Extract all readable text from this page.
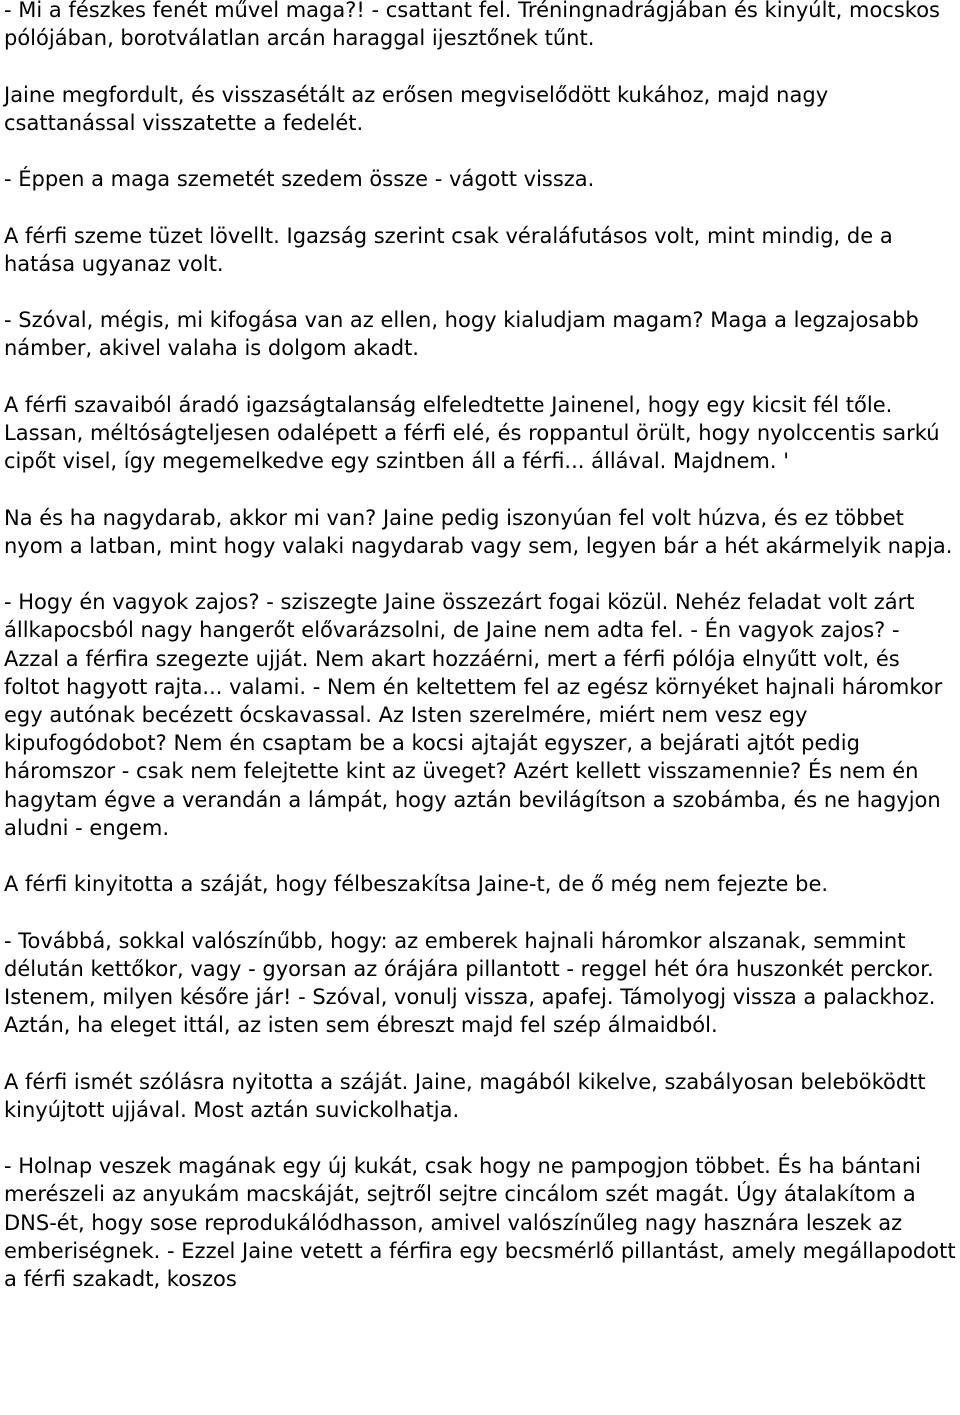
- Mi a fészkes fenét művel maga?! - csattant fel. Tréningnadrágjában és kinyúlt, mocskos pólójában, borotválatlan arcán haraggal ijesztőnek tűnt.

Jaine megfordult, és visszasétált az erősen megviselődött kukához, majd nagy csattanással visszatette a fedelét.

- Éppen a maga szemetét szedem össze - vágott vissza.

A férfi szeme tüzet lövellt. Igazság szerint csak véraláfutásos volt, mint mindig, de a hatása ugyanaz volt.

- Szóval, mégis, mi kifogása van az ellen, hogy kialudjam magam? Maga a legzajosabb námber, akivel valaha is dolgom akadt.

A férfi szavaiból áradó igazságtalanság elfeledtette Jainenel, hogy egy kicsit fél tőle. Lassan, méltóságteljesen odalépett a férfi elé, és roppantul örült, hogy nyolccentis sarkú cipőt visel, így megemelkedve egy szintben áll a férfi... állával. Majdnem. '

Na és ha nagydarab, akkor mi van? Jaine pedig iszonyúan fel volt húzva, és ez többet nyom a latban, mint hogy valaki nagydarab vagy sem, legyen bár a hét akármelyik napja.

- Hogy én vagyok zajos? - sziszegte Jaine összezárt fogai közül. Nehéz feladat volt zárt állkapocsból nagy hangerőt elővarázsolni, de Jaine nem adta fel. - Én vagyok zajos? - Azzal a férfira szegezte ujját. Nem akart hozzáérni, mert a férfi pólója elnyűtt volt, és foltot hagyott rajta... valami. - Nem én keltettem fel az egész környéket hajnali háromkor egy autónak becézett ócskavassal. Az Isten szerelmére, miért nem vesz egy kipufogódobot? Nem én csaptam be a kocsi ajtaját egyszer, a bejárati ajtót pedig háromszor - csak nem felejtette kint az üveget? Azért kellett visszamennie? És nem én hagytam égve a verandán a lámpát, hogy aztán bevilágítson a szobámba, és ne hagyjon aludni - engem.

A férfi kinyitotta a száját, hogy félbeszakítsa Jaine-t, de ő még nem fejezte be.

- Továbbá, sokkal valószínűbb, hogy: az emberek hajnali háromkor alszanak, semmint délután kettőkor, vagy - gyorsan az órájára pillantott - reggel hét óra huszonkét perckor. Istenem, milyen későre jár! - Szóval, vonulj vissza, apafej. Támolyogj vissza a palackhoz. Aztán, ha eleget ittál, az isten sem ébreszt majd fel szép álmaidból.

A férfi ismét szólásra nyitotta a száját. Jaine, magából kikelve, szabályosan beleböködtt kinyújtott ujjával. Most aztán suvickolhatja.

- Holnap veszek magának egy új kukát, csak hogy ne pampogjon többet. És ha bántani merészeli az anyukám macskáját, sejtről sejtre cincálom szét magát. Úgy átalakítom a DNS-ét, hogy sose reprodukálódhasson, amivel valószínűleg nagy hasznára leszek az emberiségnek. - Ezzel Jaine vetett a férfira egy becsmérlő pillantást, amely megállapodott a férfi szakadt, koszos
